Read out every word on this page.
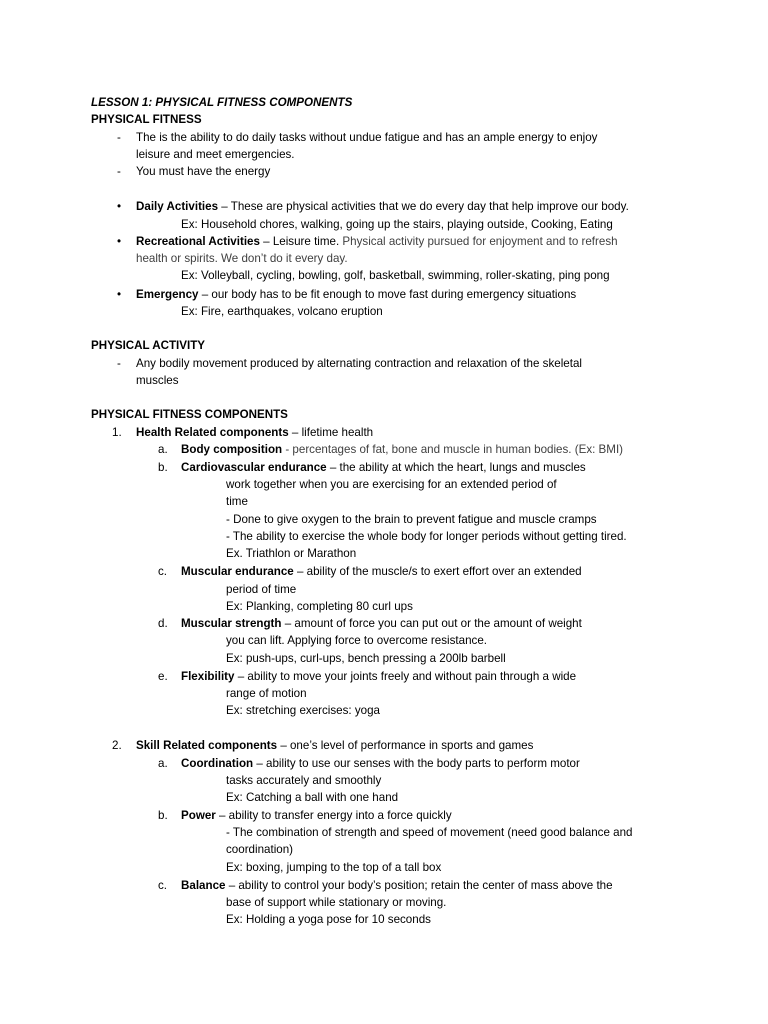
LESSON 1: PHYSICAL FITNESS COMPONENTS
PHYSICAL FITNESS
- The is the ability to do daily tasks without undue fatigue and has an ample energy to enjoy
leisure and meet emergencies.
- You must have the energy
• Daily Activities – These are physical activities that we do every day that help improve our body.
Ex: Household chores, walking, going up the stairs, playing outside, Cooking, Eating
• Recreational Activities – Leisure time. Physical activity pursued for enjoyment and to refresh
health or spirits. We don’t do it every day.
Ex: Volleyball, cycling, bowling, golf, basketball, swimming, roller-skating, ping pong
• Emergency – our body has to be fit enough to move fast during emergency situations
Ex: Fire, earthquakes, volcano eruption
PHYSICAL ACTIVITY
- Any bodily movement produced by alternating contraction and relaxation of the skeletal
muscles
PHYSICAL FITNESS COMPONENTS
1. Health Related components – lifetime health
a. Body composition - percentages of fat, bone and muscle in human bodies. (Ex: BMI)
b. Cardiovascular endurance – the ability at which the heart, lungs and muscles
work together when you are exercising for an extended period of
time
- Done to give oxygen to the brain to prevent fatigue and muscle cramps
- The ability to exercise the whole body for longer periods without getting tired.
Ex. Triathlon or Marathon
c. Muscular endurance – ability of the muscle/s to exert effort over an extended
period of time
Ex: Planking, completing 80 curl ups
d. Muscular strength – amount of force you can put out or the amount of weight
you can lift. Applying force to overcome resistance.
Ex: push-ups, curl-ups, bench pressing a 200lb barbell
e. Flexibility – ability to move your joints freely and without pain through a wide
range of motion
Ex: stretching exercises: yoga
2. Skill Related components – one’s level of performance in sports and games
a. Coordination – ability to use our senses with the body parts to perform motor
tasks accurately and smoothly
Ex: Catching a ball with one hand
b. Power – ability to transfer energy into a force quickly
- The combination of strength and speed of movement (need good balance and
coordination)
Ex: boxing, jumping to the top of a tall box
c. Balance – ability to control your body’s position; retain the center of mass above the
base of support while stationary or moving.
Ex: Holding a yoga pose for 10 seconds
